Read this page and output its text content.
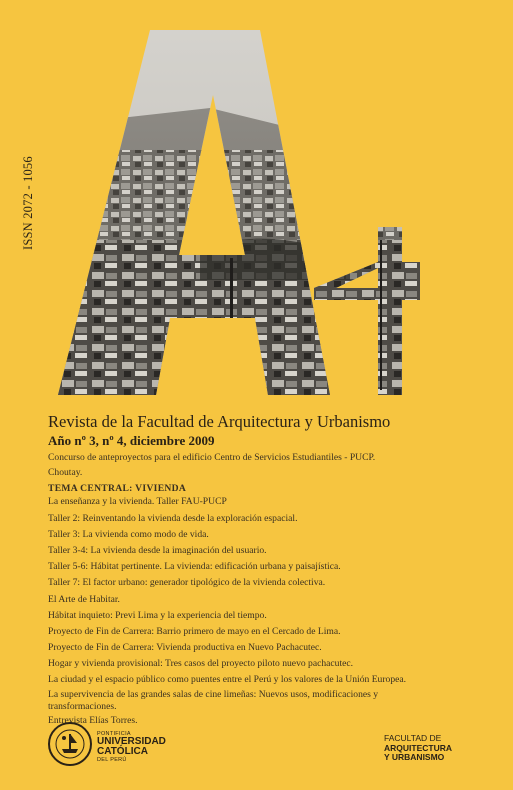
ISSN 2072 - 1056
Revista de la Facultad de Arquitectura y Urbanismo
Año nº 3, nº 4, diciembre 2009
Concurso de anteproyectos para el edificio Centro de Servicios Estudiantiles - PUCP.
Choutay.
TEMA CENTRAL: VIVIENDA
La enseñanza y la vivienda. Taller FAU-PUCP
Taller 2: Reinventando la vivienda desde la exploración espacial.
Taller 3: La vivienda como modo de vida.
Taller 3-4: La vivienda desde la imaginación del usuario.
Taller 5-6: Hábitat pertinente. La vivienda: edificación urbana y paisajística.
Taller 7: El factor urbano: generador tipológico de la vivienda colectiva.
El Arte de Habitar.
Hábitat inquieto: Previ Lima y la experiencia del tiempo.
Proyecto de Fin de Carrera: Barrio primero de mayo en el Cercado de Lima.
Proyecto de Fin de Carrera: Vivienda productiva en Nuevo Pachacutec.
Hogar y vivienda provisional: Tres casos del proyecto piloto nuevo pachacutec.
La ciudad y el espacio público como puentes entre el Perú y los valores de la Unión Europea.
La supervivencia de las grandes salas de cine limeñas: Nuevos usos, modificaciones y transformaciones.
Entrevista Elías Torres.
PONTIFICIA
UNIVERSIDAD
CATÓLICA
DEL PERÚ
FACULTAD DE
ARQUITECTURA
Y URBANISMO
